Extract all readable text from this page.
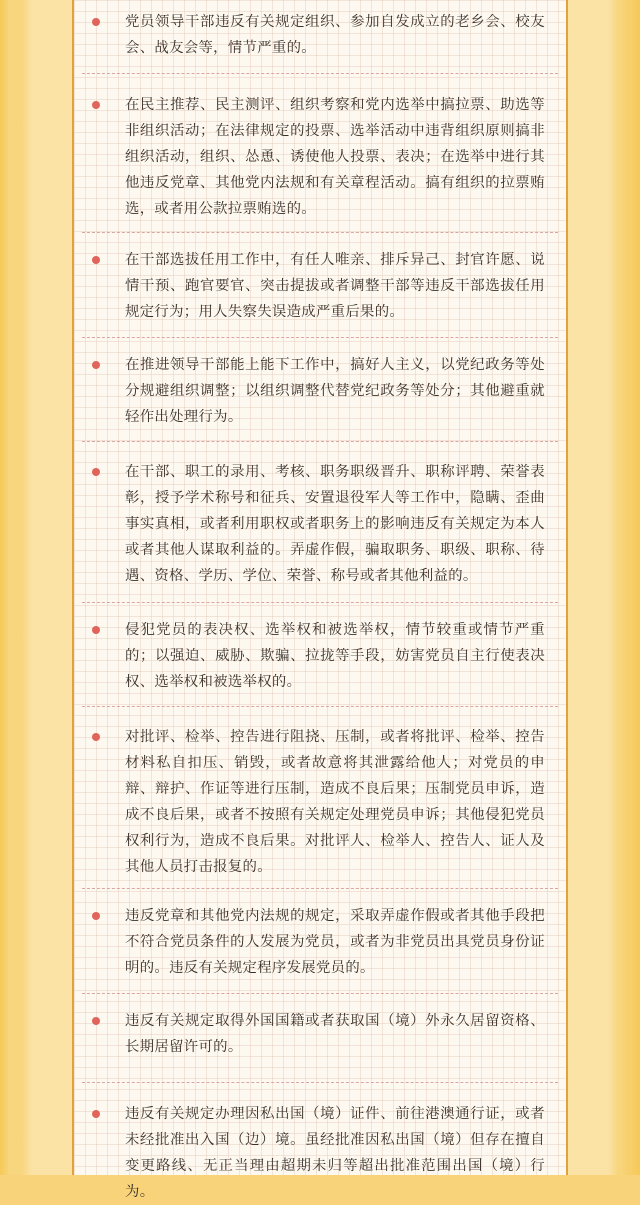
党员领导干部违反有关规定组织、参加自发成立的老乡会、校友会、战友会等，情节严重的。
在民主推荐、民主测评、组织考察和党内选举中搞拉票、助选等非组织活动；在法律规定的投票、选举活动中违背组织原则搞非组织活动，组织、怂恿、诱使他人投票、表决；在选举中进行其他违反党章、其他党内法规和有关章程活动。搞有组织的拉票贿选，或者用公款拉票贿选的。
在干部选拔任用工作中，有任人唯亲、排斥异己、封官许愿、说情干预、跑官要官、突击提拔或者调整干部等违反干部选拔任用规定行为；用人失察失误造成严重后果的。
在推进领导干部能上能下工作中，搞好人主义，以党纪政务等处分规避组织调整；以组织调整代替党纪政务等处分；其他避重就轻作出处理行为。
在干部、职工的录用、考核、职务职级晋升、职称评聘、荣誉表彰，授予学术称号和征兵、安置退役军人等工作中，隐瞒、歪曲事实真相，或者利用职权或者职务上的影响违反有关规定为本人或者其他人谋取利益的。弄虚作假，骗取职务、职级、职称、待遇、资格、学历、学位、荣誉、称号或者其他利益的。
侵犯党员的表决权、选举权和被选举权，情节较重或情节严重的；以强迫、威胁、欺骗、拉拢等手段，妨害党员自主行使表决权、选举权和被选举权的。
对批评、检举、控告进行阻挠、压制，或者将批评、检举、控告材料私自扣压、销毁，或者故意将其泄露给他人；对党员的申辩、辩护、作证等进行压制，造成不良后果；压制党员申诉，造成不良后果，或者不按照有关规定处理党员申诉；其他侵犯党员权利行为，造成不良后果。对批评人、检举人、控告人、证人及其他人员打击报复的。
违反党章和其他党内法规的规定，采取弄虚作假或者其他手段把不符合党员条件的人发展为党员，或者为非党员出具党员身份证明的。违反有关规定程序发展党员的。
违反有关规定取得外国国籍或者获取国（境）外永久居留资格、长期居留许可的。
违反有关规定办理因私出国（境）证件、前往港澳通行证，或者未经批准出入国（边）境。虽经批准因私出国（境）但存在擅自变更路线、无正当理由超期未归等超出批准范围出国（境）行为。
